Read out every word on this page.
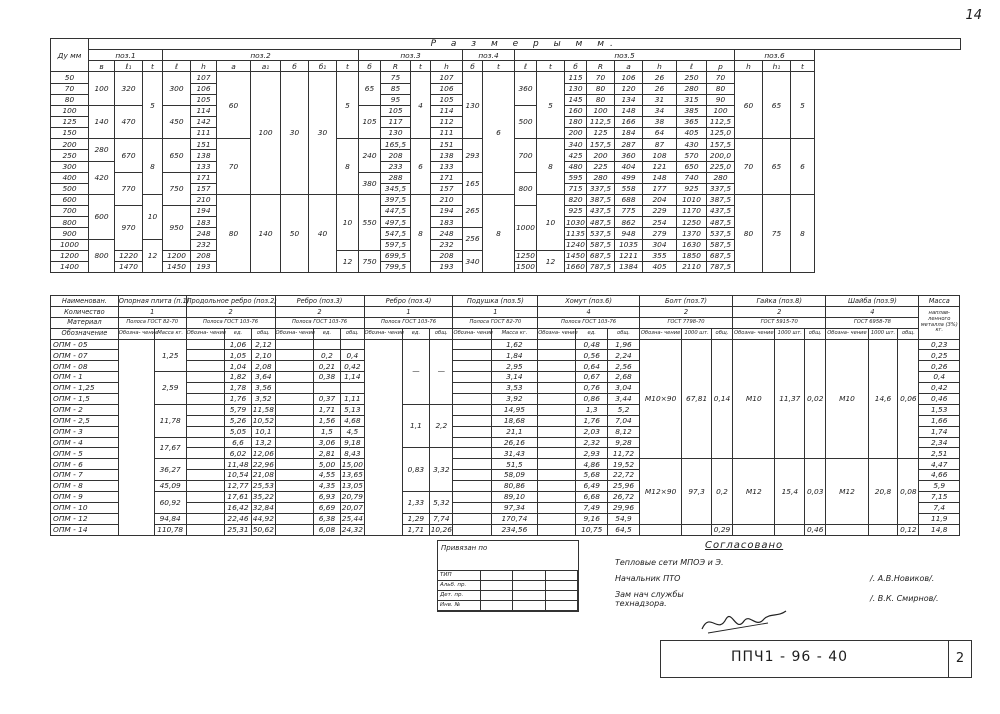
14
Ду мм	Р а з м е р ы м м.																										
	поз.1			поз.2							поз.3				поз.4		поз.5								поз.6		
	в	ℓ₁	t	ℓ	h	a	a₁	б	б₁	t	б	R	t	h	б	t	ℓ	t	б	R	a	h	ℓ	p	h	h₁	t
50	100	320	5	300	107	60	100	30	30	5	65	75	4	107	130	6	360	5	115	70	106	26	250	70	60	65	5
70					106							85		106					130	80	120	26	280	80			
80					105							95		105					145	80	134	31	315	90			
100	140	470		450	114						105	105		114			500		160	100	148	34	385	100			
125					142							117		112					180	112,5	166	38	365	112,5			
150					111							130		111					200	125	184	64	405	125,0			
200	280	670	8	650	151	70				8	240	165,5	6	151	293		700	8	340	157,5	287	87	430	157,5	70	65	6
250					138							208		138					425	200	360	108	570	200,0			
300	420				133							233		133					480	225	404	121	650	225,0			
400		770		750	171						380	288		171	165		800		595	280	499	148	740	280			
500					157							345,5		157					715	337,5	558	177	925	337,5			
600	600		10		210	80	140	50	40	10	550	397,5	8	210	265	8		10	820	387,5	688	204	1010	387,5	80	75	8
700		970		950	194							447,5		194			1000		925	437,5	775	229	1170	437,5			
800					183							497,5		183					1030	487,5	862	254	1250	487,5			
900					248							547,5		248	256				1135	537,5	948	279	1370	537,5			
1000	800		12		232							597,5		232					1240	587,5	1035	304	1630	587,5			
1200		1220		1200	208					12	750	699,5		208	340		1250	12	1450	687,5	1211	355	1850	687,5			
1400		1470		1450	193							799,5		193			1500		1660	787,5	1384	405	2110	787,5			
Наименован.	Опорная плита (п.1)		Продольное ребро (поз.2)			Ребро (поз.3)			Ребро (поз.4)			Подушка (поз.5)		Хомут (поз.6)			Болт (поз.7)			Гайка (поз.8)			Шайба (поз.9)			Масса
Количество	1		2			2			1			1		4			2			2			4			наплав- ленного металла (3%) кг.
Материал	Полоса ГОСТ 82-70		Полоса ГОСТ 103-76			Полоса ГОСТ 103-76			Полоса ГОСТ 103-76			Полоса ГОСТ 82-70		Полоса ГОСТ 103-76			ГОСТ 7798-70			ГОСТ 5915-70			ГОСТ 6958-78			
Обозначение	Обозна- чение	Масса кг.	Обозна- чение	ед.	общ.	Обозна- чение	ед.	общ.	Обозна- чение	ед.	общ.	Обозна- чение	Масса кг.	Обозна- чение	ед.	общ.	Обозна- чение	1000 шт.	общ.	Обозна- чение	1000 шт.	общ.	Обозна- чение	1000 шт.	общ.	
ОПМ - 05		1,25		1,06	2,12					—	—		1,62		0,48	1,96	М10×90	67,81	0,14	М10	11,37	0,02	М10	14,6	0,06	0,23
ОПМ - 07				1,05	2,10		0,2	0,4					1,84		0,56	2,24										0,25
ОПМ - 08				1,04	2,08		0,21	0,42					2,95		0,64	2,56										0,26
ОПМ - 1		2,59		1,82	3,64		0,38	1,14					3,14		0,67	2,68										0,4
ОПМ - 1,25				1,78	3,56								3,53		0,76	3,04										0,42
ОПМ - 1,5				1,76	3,52		0,37	1,11					3,92		0,86	3,44										0,46
ОПМ - 2		11,78		5,79	11,58		1,71	5,13		1,1	2,2		14,95		1,3	5,2										1,53
ОПМ - 2,5				5,26	10,52		1,56	4,68					18,68		1,76	7,04										1,66
ОПМ - 3				5,05	10,1		1,5	4,5					21,1		2,03	8,12										1,74
ОПМ - 4		17,67		6,6	13,2		3,06	9,18					26,16		2,32	9,28										2,34
ОПМ - 5				6,02	12,06		2,81	8,43		0,83	3,32		31,43		2,93	11,72										2,51
ОПМ - 6		36,27		11,48	22,96		5,00	15,00					51,5		4,86	19,52	М12×90	97,3	0,2	М12	15,4	0,03	М12	20,8	0,08	4,47
ОПМ - 7				10,54	21,08		4,55	13,65					58,09		5,68	22,72										4,66
ОПМ - 8		45,09		12,77	25,53		4,35	13,05					80,86		6,49	25,96										5,9
ОПМ - 9		60,92		17,61	35,22		6,93	20,79		1,33	5,32		89,10		6,68	26,72										7,15
ОПМ - 10				16,42	32,84		6,69	20,07					97,34		7,49	29,96										7,4
ОПМ - 12		94,84		22,46	44,92		6,38	25,44		1,29	7,74		170,74		9,16	54,9										11,9
ОПМ - 14		110,78		25,31	50,62		6,08	24,32		1,71	10,26		234,56		10,75	64,5			0,29			0,46			0,12	14,8
Привязан по
ТИП			
Альб. пр.			
Дет. пр.			
Инв. №			
Согласовано
Тепловые сети МПОЭ и Э.
Начальник ПТО
Зам нач службы технадзора.
/. А.В.Новиков/.
/. В.К. Смирнов/.
ППЧ1 - 96 - 40	2
